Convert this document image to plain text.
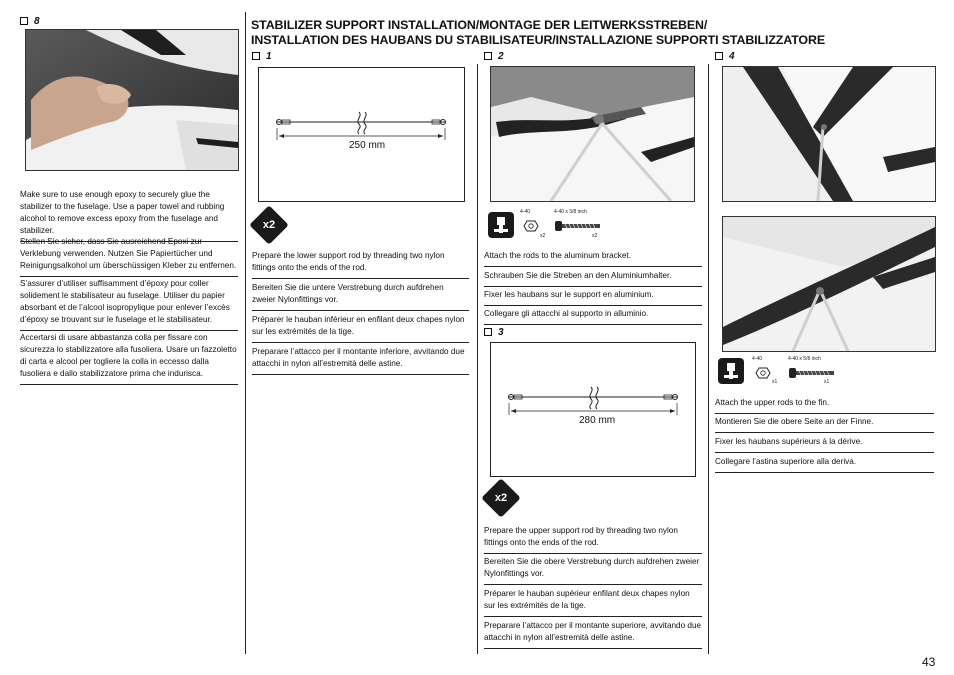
8
Make sure to use enough epoxy to securely glue the stabilizer to the fuselage. Use a paper towel and rubbing alcohol to remove excess epoxy from the fuselage and stabilizer.
Stellen Sie sicher, dass Sie ausreichend Epoxi zur Verklebung verwenden. Nutzen Sie Papiertücher und Reinigungsalkohol um überschüssigen Kleber zu entfernen.
S’assurer d’utiliser suffisamment d’époxy pour coller solidement le stabilisateur au fuselage. Utiliser du papier absorbant et de l’alcool isopropylique pour enlever l’excès d’époxy se trouvant sur le fuselage et le stabilisateur.
Accertarsi di usare abbastanza colla per fissare con sicurezza lo stabilizzatore alla fusoliera. Usare un fazzoletto di carta e alcool per togliere la colla in eccesso dalla fusoliera e dallo stabilizzatore prima che indurisca.
STABILIZER SUPPORT INSTALLATION/MONTAGE DER LEITWERKSSTREBEN/
INSTALLATION DES HAUBANS DU STABILISATEUR/INSTALLAZIONE SUPPORTI STABILIZZATORE
1
250 mm
x2
Prepare the lower support rod by threading two nylon fittings onto the ends of the rod.
Bereiten Sie die untere Verstrebung durch aufdrehen zweier Nylonfittings vor.
Préparer le hauban inférieur en enfilant deux chapes nylon sur les extrémités de la tige.
Preparare l’attacco per il montante inferiore, avvitando due attacchi in nylon all’estremità delle astine.
2
4-40
x2
4-40 x 3/8 inch
x2
Attach the rods to the aluminum bracket.
Schrauben Sie die Streben an den Aluminiumhalter.
Fixer les haubans sur le support en aluminium.
Collegare gli attacchi al supporto in alluminio.
3
280 mm
x2
Prepare the upper support rod by threading two nylon fittings onto the ends of the rod.
Bereiten Sie die obere Verstrebung durch aufdrehen zweier Nylonfittings vor.
Préparer le hauban supérieur enfilant deux chapes nylon sur les extrémités de la tige.
Preparare l’attacco per il montante superiore, avvitando due attacchi in nylon all’estremità delle astine.
4
4-40
x1
4-40 x 5/8 inch
x1
Attach the upper rods to the fin.
Montieren Sie die obere Seite an der Finne.
Fixer les haubans supérieurs à la dérive.
Collegare l’astina superiore alla deriva.
43
